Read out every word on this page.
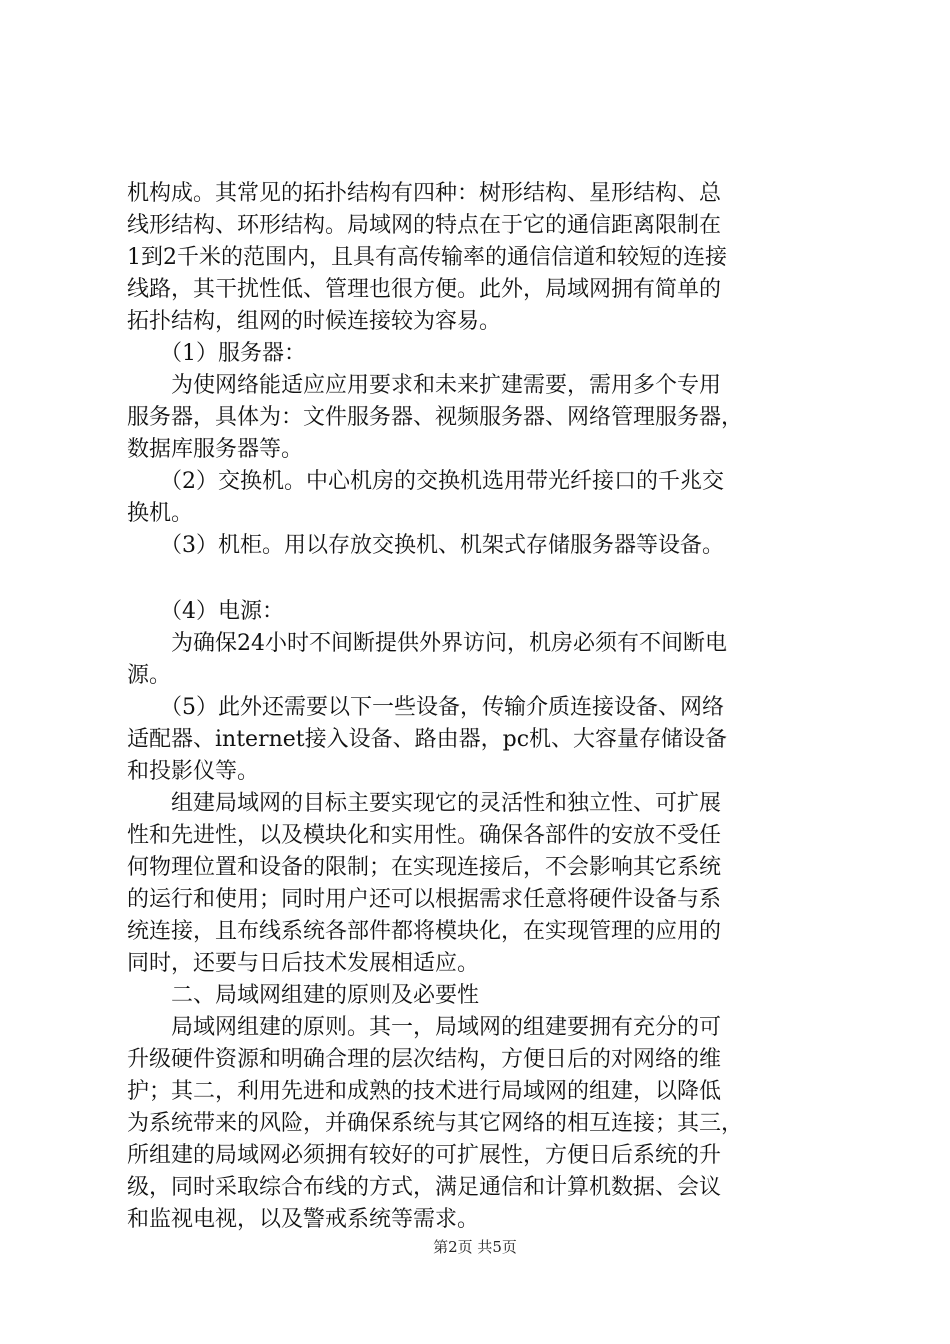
机构成。其常见的拓扑结构有四种：树形结构、星形结构、总
线形结构、环形结构。局域网的特点在于它的通信距离限制在
1到2千米的范围内，且具有高传输率的通信信道和较短的连接
线路，其干扰性低、管理也很方便。此外，局域网拥有简单的
拓扑结构，组网的时候连接较为容易。
　　（1）服务器：
　　为使网络能适应应用要求和未来扩建需要，需用多个专用
服务器，具体为：文件服务器、视频服务器、网络管理服务器，
数据库服务器等。
　　（2）交换机。中心机房的交换机选用带光纤接口的千兆交
换机。
　　（3）机柜。用以存放交换机、机架式存储服务器等设备。
　　（4）电源：
　　为确保24小时不间断提供外界访问，机房必须有不间断电
源。
　　（5）此外还需要以下一些设备，传输介质连接设备、网络
适配器、internet接入设备、路由器，pc机、大容量存储设备
和投影仪等。
　　组建局域网的目标主要实现它的灵活性和独立性、可扩展
性和先进性，以及模块化和实用性。确保各部件的安放不受任
何物理位置和设备的限制；在实现连接后，不会影响其它系统
的运行和使用；同时用户还可以根据需求任意将硬件设备与系
统连接，且布线系统各部件都将模块化，在实现管理的应用的
同时，还要与日后技术发展相适应。
　　二、局域网组建的原则及必要性
　　局域网组建的原则。其一，局域网的组建要拥有充分的可
升级硬件资源和明确合理的层次结构，方便日后的对网络的维
护；其二，利用先进和成熟的技术进行局域网的组建，以降低
为系统带来的风险，并确保系统与其它网络的相互连接；其三，
所组建的局域网必须拥有较好的可扩展性，方便日后系统的升
级，同时采取综合布线的方式，满足通信和计算机数据、会议
和监视电视，以及警戒系统等需求。
第2页 共5页
